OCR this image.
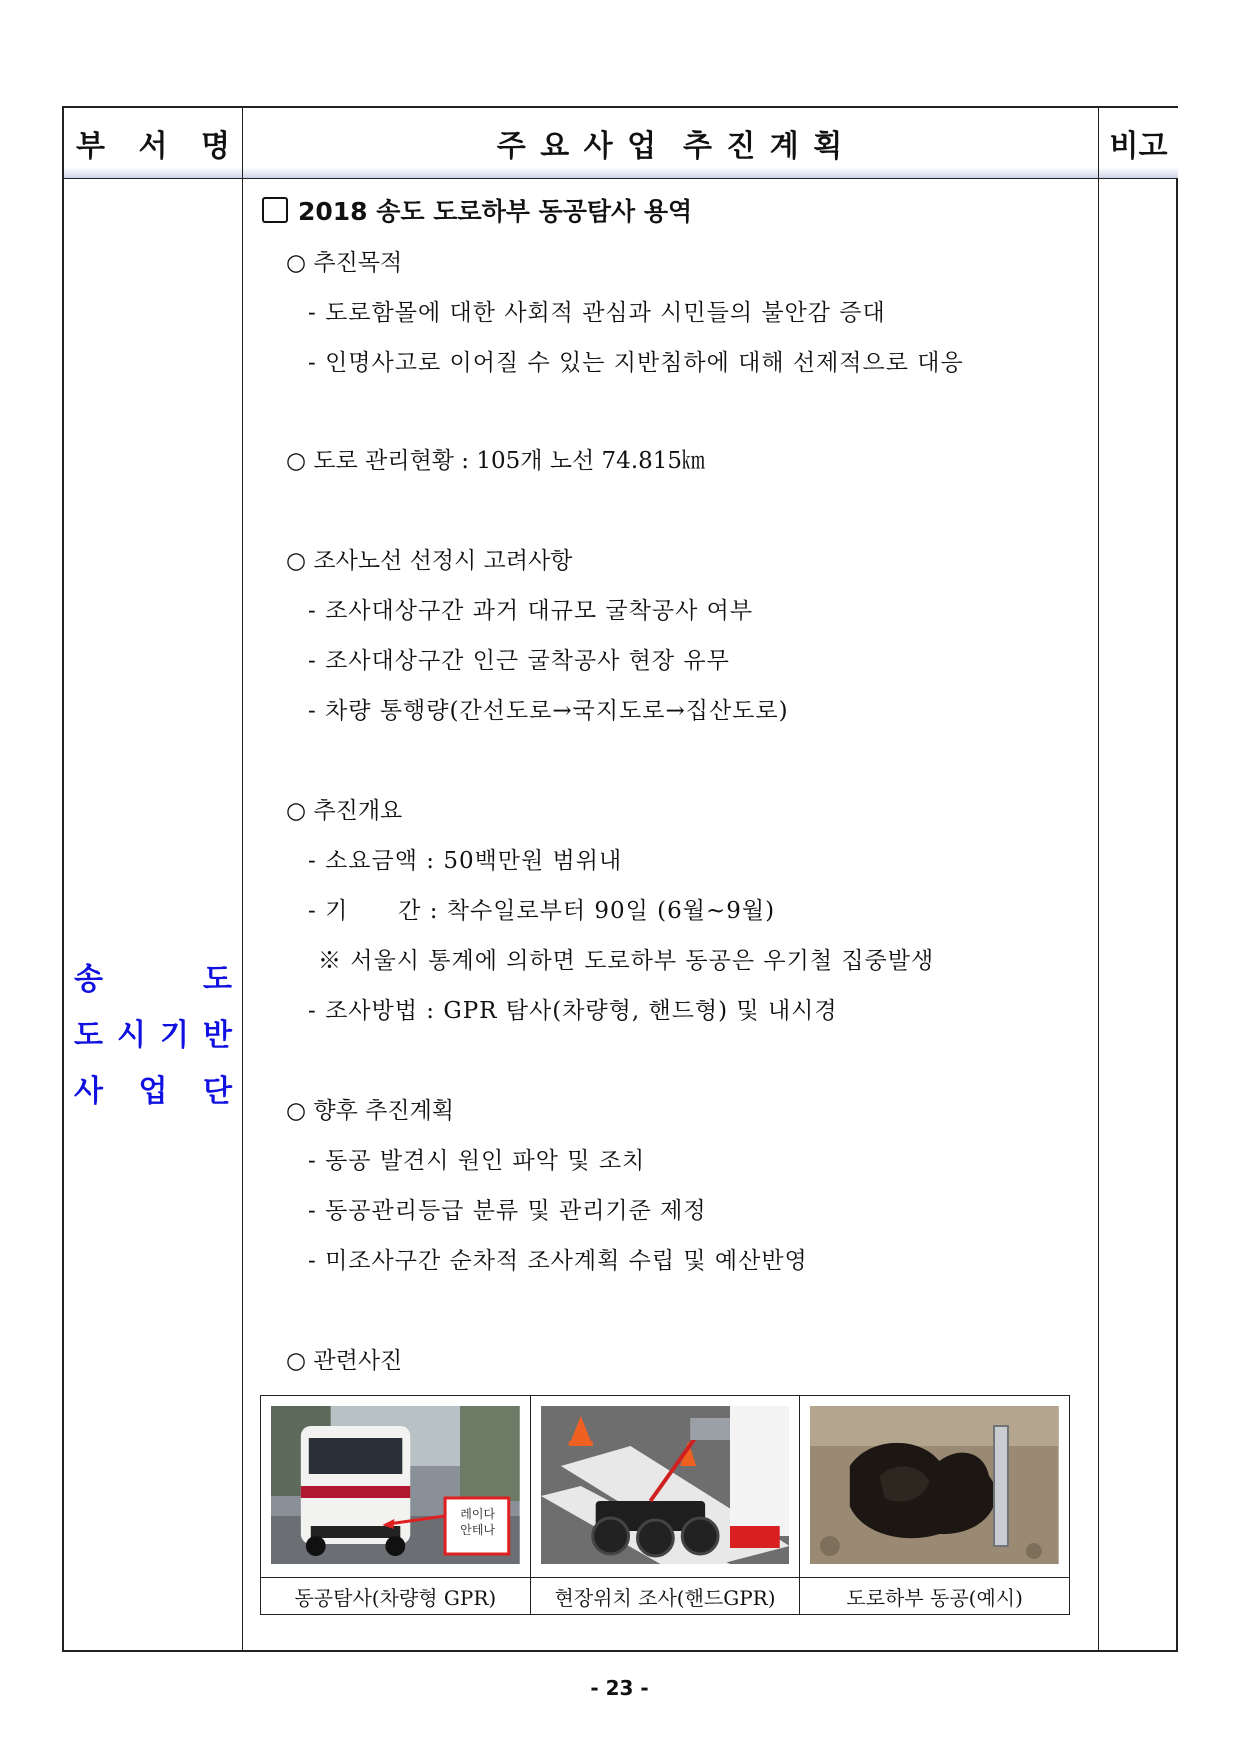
부 서 명	주 요 사 업  추 진 계 획	비고
송	도
도 시 기 반
사 업 단
2018 송도 도로하부 동공탐사 용역
○ 추진목적
- 도로함몰에 대한 사회적 관심과 시민들의 불안감 증대
- 인명사고로 이어질 수 있는 지반침하에 대해 선제적으로 대응
○ 도로 관리현황 : 105개 노선 74.815㎞
○ 조사노선 선정시 고려사항
- 조사대상구간 과거 대규모 굴착공사 여부
- 조사대상구간 인근 굴착공사 현장 유무
- 차량 통행량(간선도로→국지도로→집산도로)
○ 추진개요
- 소요금액 : 50백만원 범위내
- 기      간 : 착수일로부터 90일 (6월~9월)
※ 서울시 통계에 의하면 도로하부 동공은 우기철 집중발생
- 조사방법 : GPR 탐사(차량형, 핸드형) 및 내시경
○ 향후 추진계획
- 동공 발견시 원인 파악 및 조치
- 동공관리등급 분류 및 관리기준 제정
- 미조사구간 순차적 조사계획 수립 및 예산반영
○ 관련사진
레이다
안테나
동공탐사(차량형 GPR)	현장위치 조사(핸드GPR)	도로하부 동공(예시)
- 23 -
